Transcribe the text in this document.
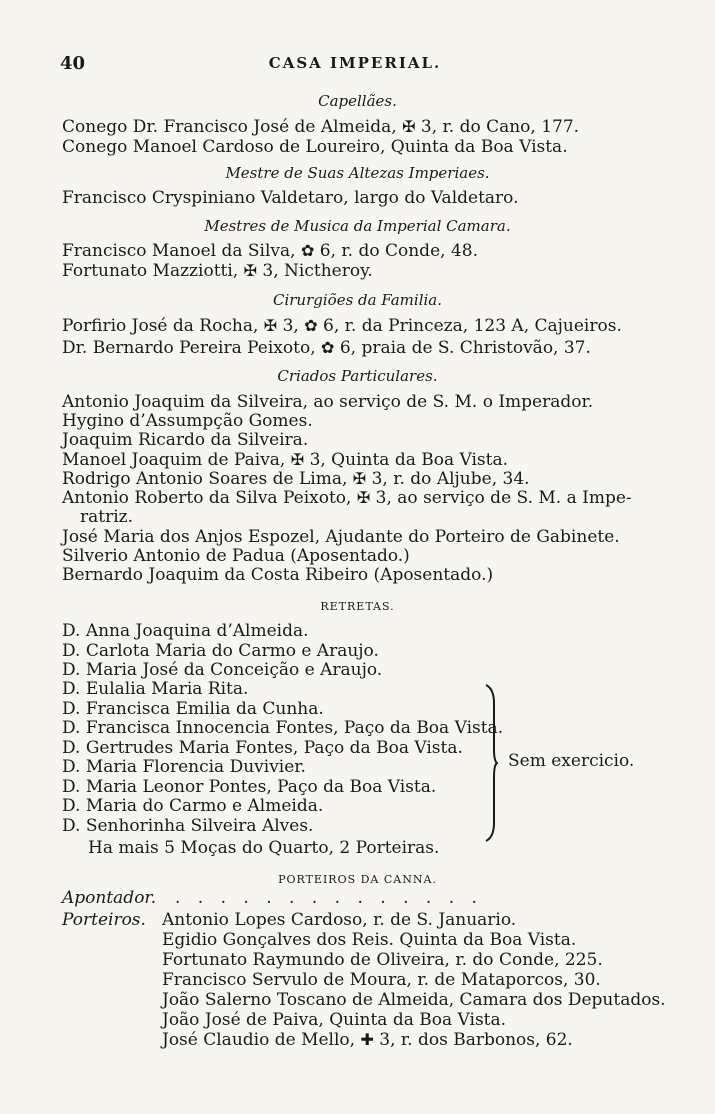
40	CASA IMPERIAL.
Capellães.
Conego Dr. Francisco José de Almeida, ✠ 3, r. do Cano, 177.
Conego Manoel Cardoso de Loureiro, Quinta da Boa Vista.
Mestre de Suas Altezas Imperiaes.
Francisco Cryspiniano Valdetaro, largo do Valdetaro.
Mestres de Musica da Imperial Camara.
Francisco Manoel da Silva, ✿ 6, r. do Conde, 48.
Fortunato Mazziotti, ✠ 3, Nictheroy.
Cirurgiões da Familia.
Porfirio José da Rocha, ✠ 3, ✿ 6, r. da Princeza, 123 A, Cajueiros.
Dr. Bernardo Pereira Peixoto, ✿ 6, praia de S. Christovão, 37.
Criados Particulares.
Antonio Joaquim da Silveira, ao serviço de S. M. o Imperador.
Hygino d’Assumpção Gomes.
Joaquim Ricardo da Silveira.
Manoel Joaquim de Paiva, ✠ 3, Quinta da Boa Vista.
Rodrigo Antonio Soares de Lima, ✠ 3, r. do Aljube, 34.
Antonio Roberto da Silva Peixoto, ✠ 3, ao serviço de S. M. a Impe-
ratriz.
José Maria dos Anjos Espozel, Ajudante do Porteiro de Gabinete.
Silverio Antonio de Padua (Aposentado.)
Bernardo Joaquim da Costa Ribeiro (Aposentado.)
RETRETAS.
D. Anna Joaquina d’Almeida.
D. Carlota Maria do Carmo e Araujo.
D. Maria José da Conceição e Araujo.
D. Eulalia Maria Rita.
D. Francisca Emilia da Cunha.
D. Francisca Innocencia Fontes, Paço da Boa Vista.
D. Gertrudes Maria Fontes, Paço da Boa Vista.
D. Maria Florencia Duvivier.
D. Maria Leonor Pontes, Paço da Boa Vista.
D. Maria do Carmo e Almeida.
D. Senhorinha Silveira Alves.
Sem exercicio.
Ha mais 5 Moças do Quarto, 2 Porteiras.
PORTEIROS DA CANNA.
Apontador. . . . . . . . . . . . . . .
Porteiros. Antonio Lopes Cardoso, r. de S. Januario.
Egidio Gonçalves dos Reis. Quinta da Boa Vista.
Fortunato Raymundo de Oliveira, r. do Conde, 225.
Francisco Servulo de Moura, r. de Mataporcos, 30.
João Salerno Toscano de Almeida, Camara dos Deputados.
João José de Paiva, Quinta da Boa Vista.
José Claudio de Mello, ✚ 3, r. dos Barbonos, 62.
